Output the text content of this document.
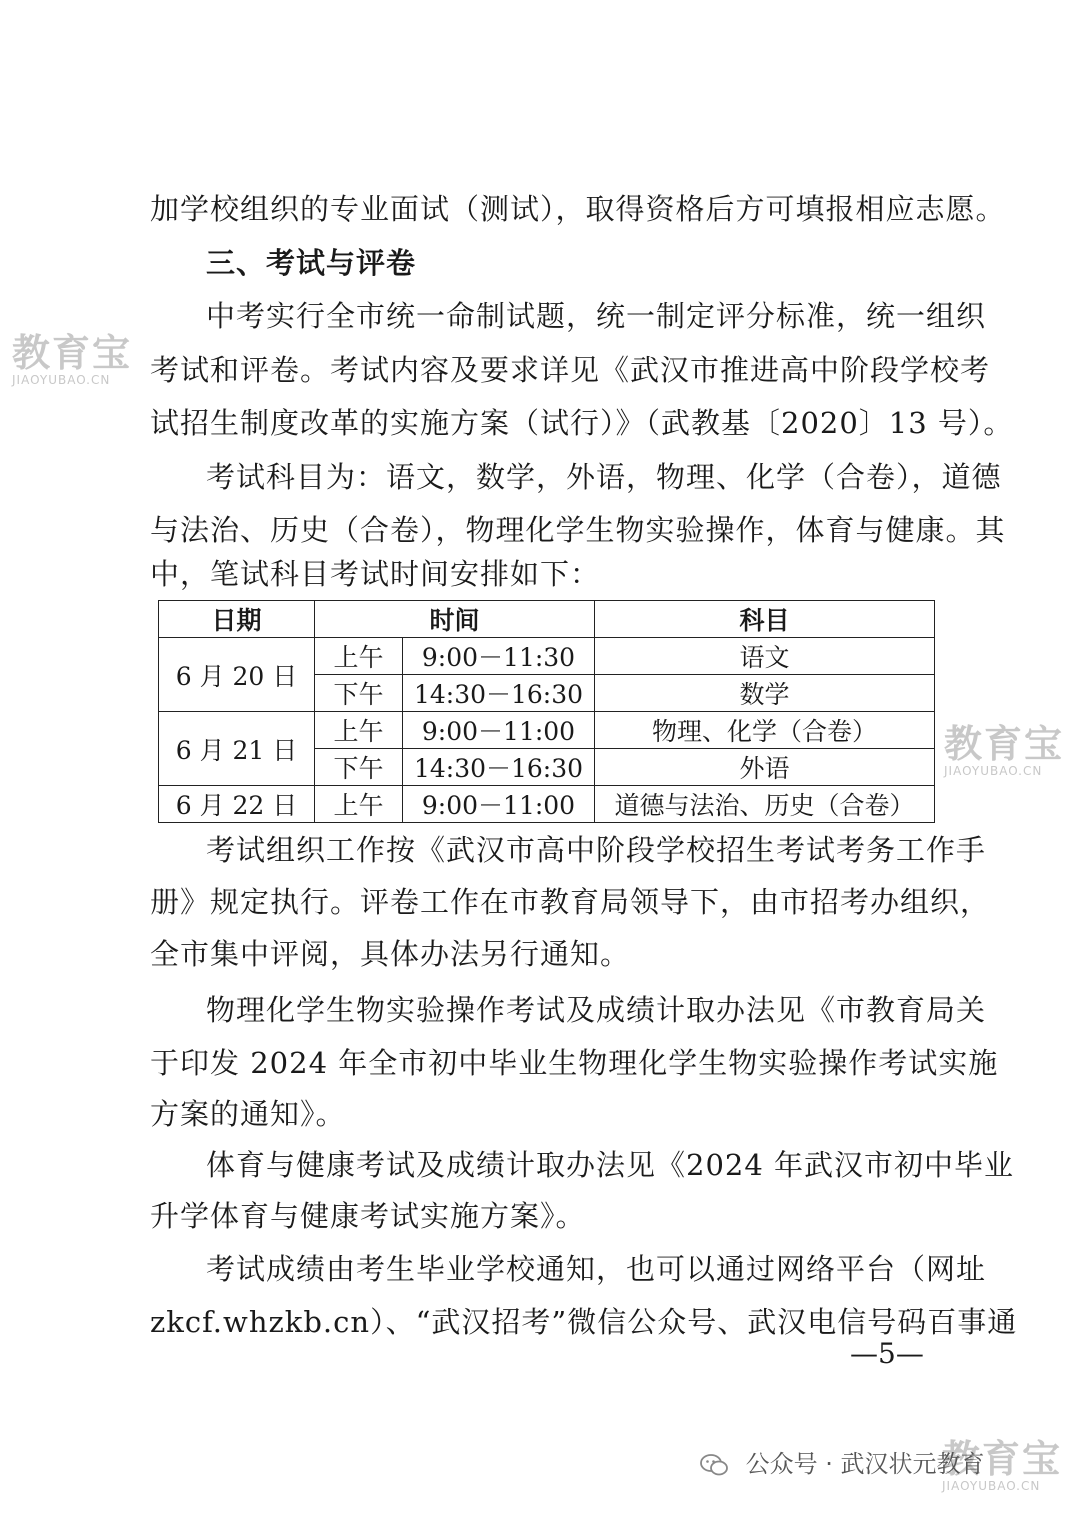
教育宝
JIAOYUBAO.CN
教育宝
JIAOYUBAO.CN
教育宝
JIAOYUBAO.CN
加学校组织的专业面试（测试），取得资格后方可填报相应志愿。
三、考试与评卷
中考实行全市统一命制试题，统一制定评分标准，统一组织
考试和评卷。考试内容及要求详见《武汉市推进高中阶段学校考
试招生制度改革的实施方案（试行）》（武教基〔2020〕13 号）。
考试科目为：语文，数学，外语，物理、化学（合卷），道德
与法治、历史（合卷），物理化学生物实验操作，体育与健康。其
中，笔试科目考试时间安排如下：
日期	时间		科目
6 月 20 日	上午	9:00－11:30	语文
	下午	14:30－16:30	数学
6 月 21 日	上午	9:00－11:00	物理、化学（合卷）
	下午	14:30－16:30	外语
6 月 22 日	上午	9:00－11:00	道德与法治、历史（合卷）
考试组织工作按《武汉市高中阶段学校招生考试考务工作手
册》规定执行。评卷工作在市教育局领导下，由市招考办组织，
全市集中评阅，具体办法另行通知。
物理化学生物实验操作考试及成绩计取办法见《市教育局关
于印发 2024 年全市初中毕业生物理化学生物实验操作考试实施
方案的通知》。
体育与健康考试及成绩计取办法见《2024 年武汉市初中毕业
升学体育与健康考试实施方案》。
考试成绩由考生毕业学校通知，也可以通过网络平台（网址
zkcf.whzkb.cn）、“武汉招考”微信公众号、武汉电信号码百事通
—5—
公众号 · 武汉状元教育
